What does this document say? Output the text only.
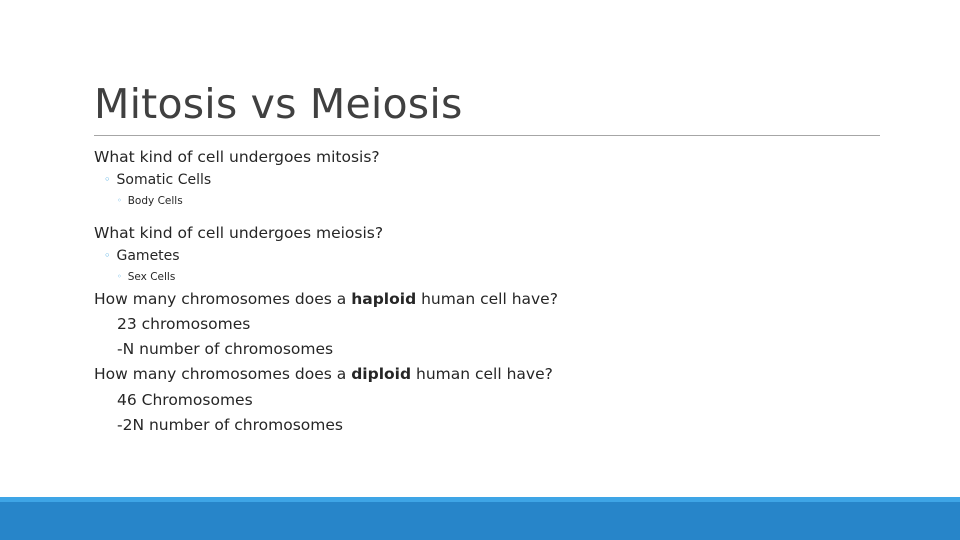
Mitosis vs Meiosis
What kind of cell undergoes mitosis?
◦ Somatic Cells
◦ Body Cells
What kind of cell undergoes meiosis?
◦ Gametes
◦ Sex Cells
How many chromosomes does a haploid human cell have?
23 chromosomes
-N number of chromosomes
How many chromosomes does a diploid human cell have?
46 Chromosomes
-2N number of chromosomes
